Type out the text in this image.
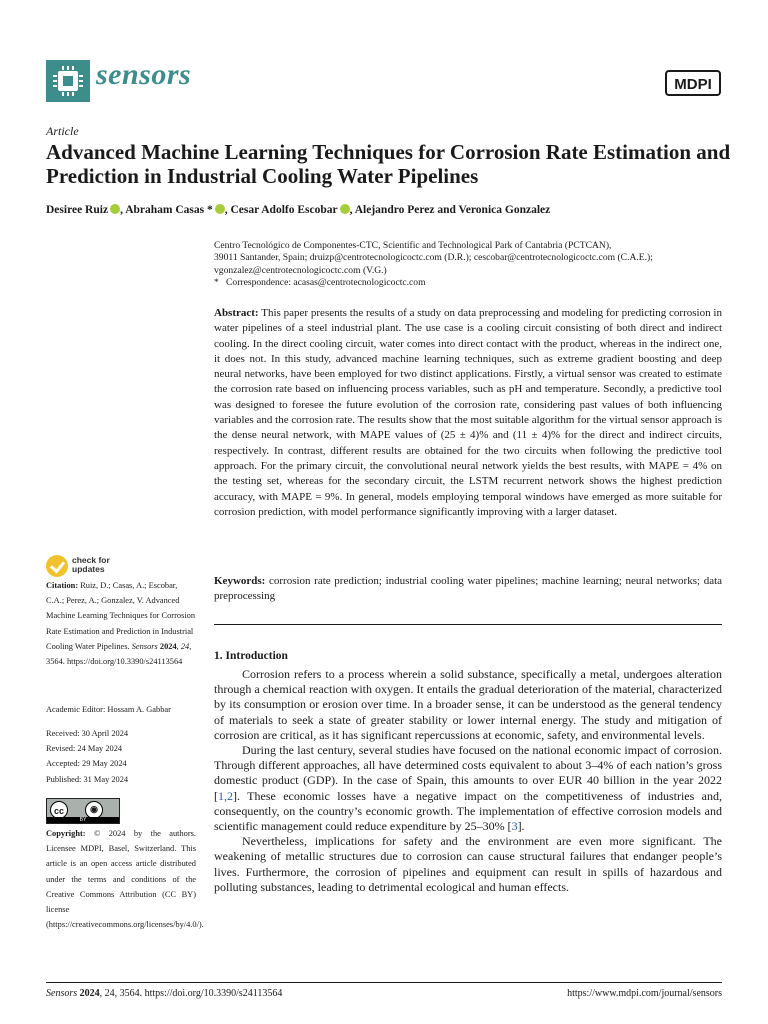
sensors	MDPI
Article
Advanced Machine Learning Techniques for Corrosion Rate Estimation and Prediction in Industrial Cooling Water Pipelines
Desiree Ruiz , Abraham Casas * , Cesar Adolfo Escobar , Alejandro Perez and Veronica Gonzalez
Centro Tecnológico de Componentes-CTC, Scientific and Technological Park of Cantabria (PCTCAN),
39011 Santander, Spain; druizp@centrotecnologicoctc.com (D.R.); cescobar@centrotecnologicoctc.com (C.A.E.);
vgonzalez@centrotecnologicoctc.com (V.G.)
*   Correspondence: acasas@centrotecnologicoctc.com
Abstract: This paper presents the results of a study on data preprocessing and modeling for predicting corrosion in water pipelines of a steel industrial plant. The use case is a cooling circuit consisting of both direct and indirect cooling. In the direct cooling circuit, water comes into direct contact with the product, whereas in the indirect one, it does not. In this study, advanced machine learning techniques, such as extreme gradient boosting and deep neural networks, have been employed for two distinct applications. Firstly, a virtual sensor was created to estimate the corrosion rate based on influencing process variables, such as pH and temperature. Secondly, a predictive tool was designed to foresee the future evolution of the corrosion rate, considering past values of both influencing variables and the corrosion rate. The results show that the most suitable algorithm for the virtual sensor approach is the dense neural network, with MAPE values of (25 ± 4)% and (11 ± 4)% for the direct and indirect circuits, respectively. In contrast, different results are obtained for the two circuits when following the predictive tool approach. For the primary circuit, the convolutional neural network yields the best results, with MAPE = 4% on the testing set, whereas for the secondary circuit, the LSTM recurrent network shows the highest prediction accuracy, with MAPE = 9%. In general, models employing temporal windows have emerged as more suitable for corrosion prediction, with model performance significantly improving with a larger dataset.
Keywords: corrosion rate prediction; industrial cooling water pipelines; machine learning; neural networks; data preprocessing
1. Introduction

Corrosion refers to a process wherein a solid substance, specifically a metal, undergoes alteration through a chemical reaction with oxygen. It entails the gradual deterioration of the material, characterized by its consumption or erosion over time. In a broader sense, it can be understood as the general tendency of materials to seek a state of greater stability or lower internal energy. The study and mitigation of corrosion are critical, as it has significant repercussions at economic, safety, and environmental levels.

During the last century, several studies have focused on the national economic impact of corrosion. Through different approaches, all have determined costs equivalent to about 3–4% of each nation’s gross domestic product (GDP). In the case of Spain, this amounts to over EUR 40 billion in the year 2022 [1,2]. These economic losses have a negative impact on the competitiveness of industries and, consequently, on the country’s economic growth. The implementation of effective corrosion models and scientific management could reduce expenditure by 25–30% [3].

Nevertheless, implications for safety and the environment are even more significant. The weakening of metallic structures due to corrosion can cause structural failures that endanger people’s lives. Furthermore, the corrosion of pipelines and equipment can result in spills of hazardous and polluting substances, leading to detrimental ecological and human effects.

check for
updates
Citation: Ruiz, D.; Casas, A.; Escobar, C.A.; Perez, A.; Gonzalez, V. Advanced Machine Learning Techniques for Corrosion Rate Estimation and Prediction in Industrial Cooling Water Pipelines. Sensors 2024, 24, 3564. https://doi.org/10.3390/s24113564
Academic Editor: Hossam A. Gabbar
Received: 30 April 2024
Revised: 24 May 2024
Accepted: 29 May 2024
Published: 31 May 2024
cc	◉
BY
Copyright: © 2024 by the authors. Licensee MDPI, Basel, Switzerland. This article is an open access article distributed under the terms and conditions of the Creative Commons Attribution (CC BY) license (https://creativecommons.org/licenses/by/4.0/).
Sensors 2024, 24, 3564. https://doi.org/10.3390/s24113564	https://www.mdpi.com/journal/sensors
